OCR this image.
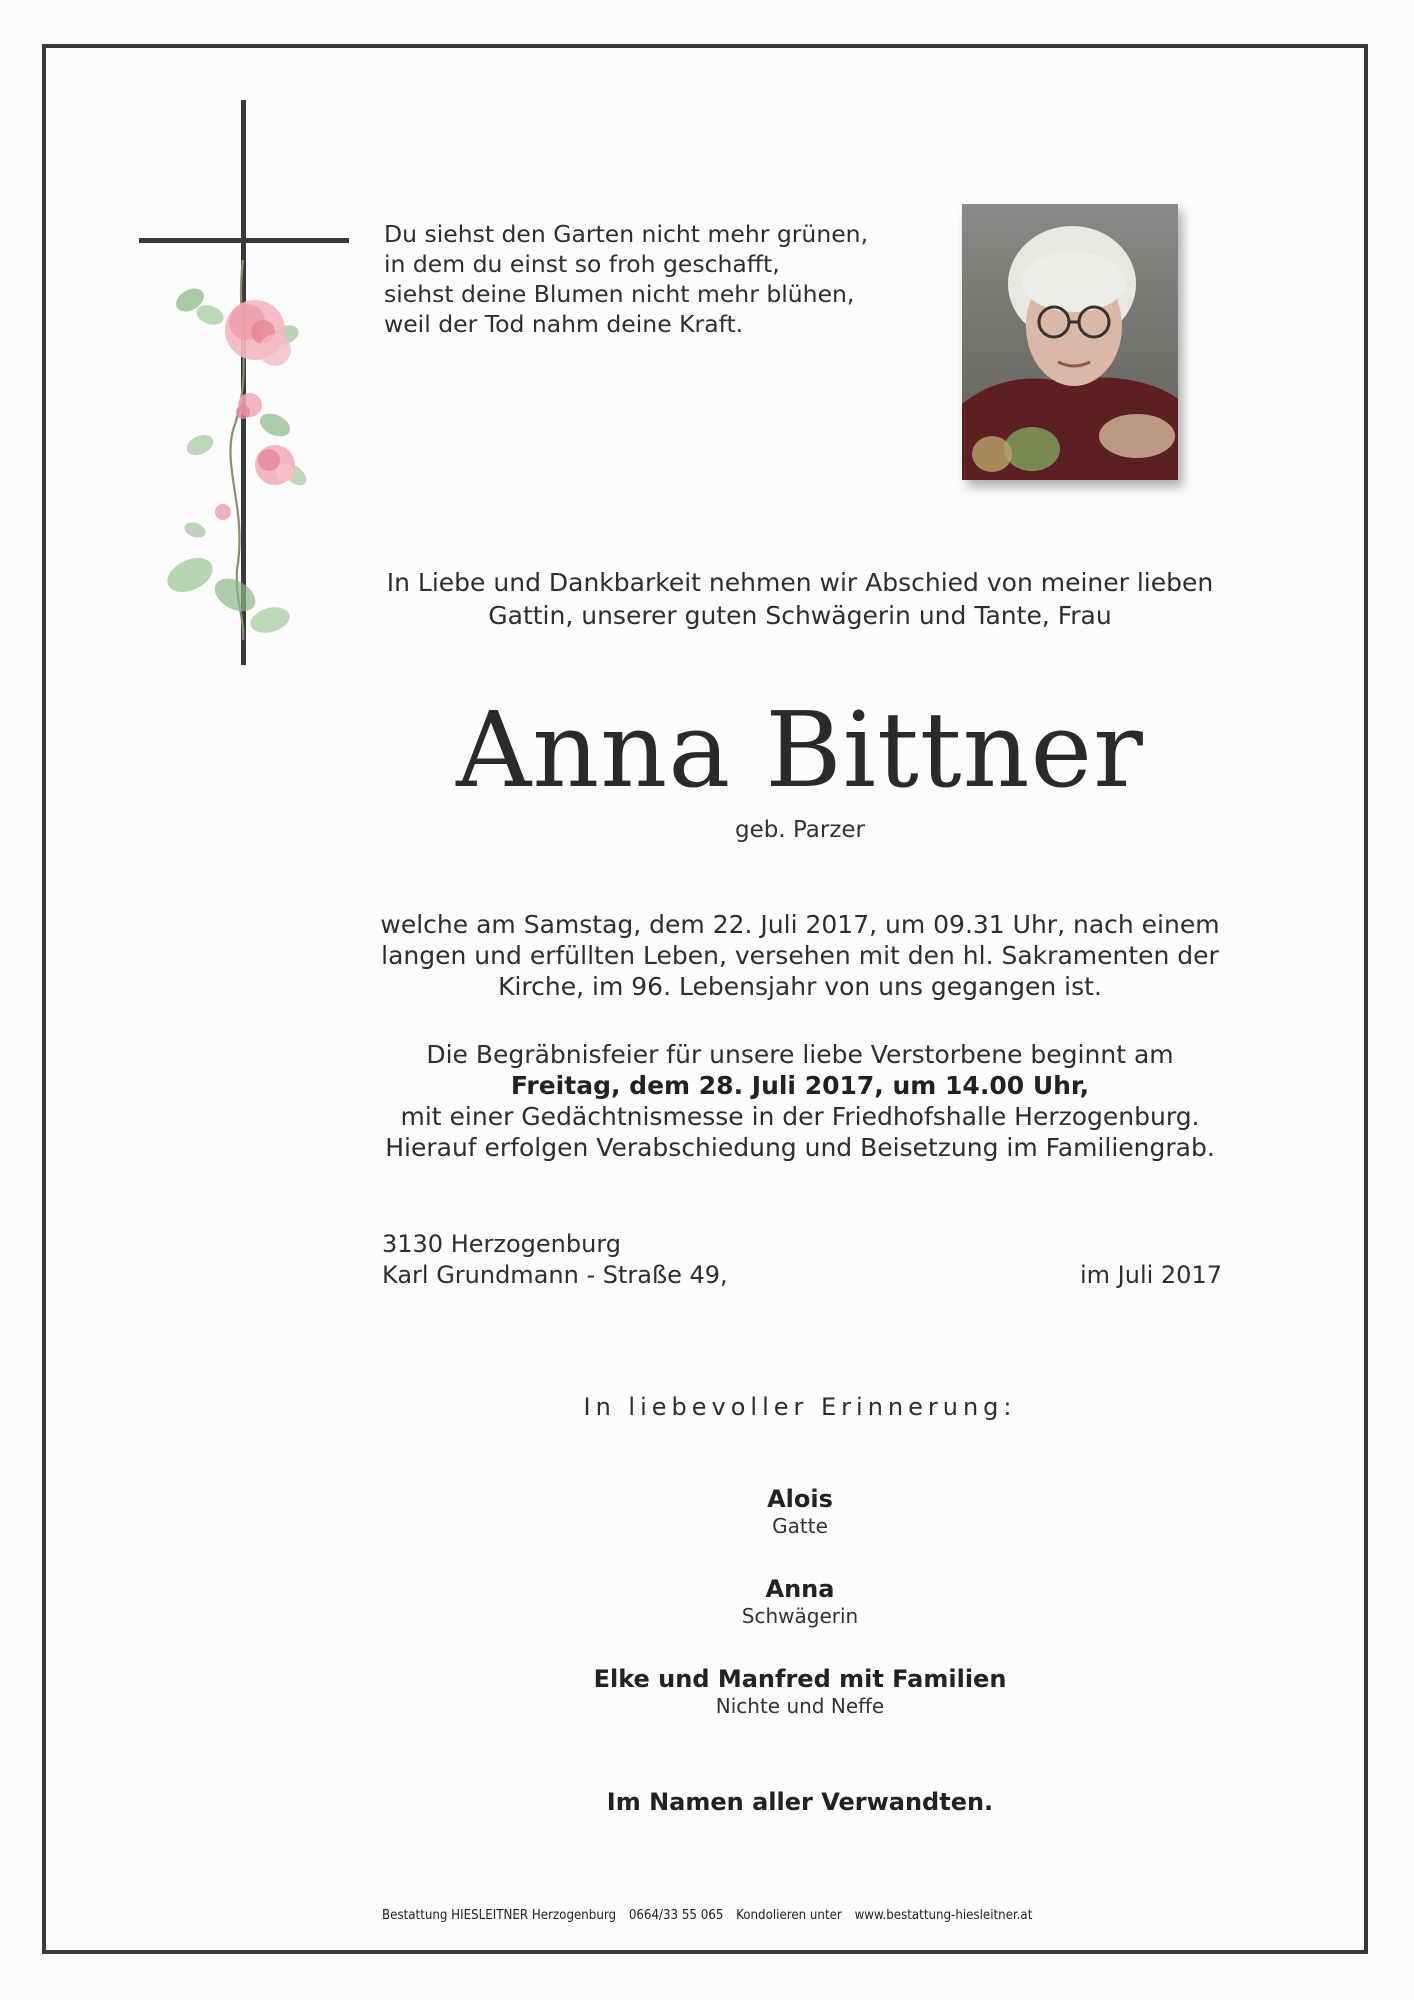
Du siehst den Garten nicht mehr grünen,
in dem du einst so froh geschafft,
siehst deine Blumen nicht mehr blühen,
weil der Tod nahm deine Kraft.
In Liebe und Dankbarkeit nehmen wir Abschied von meiner lieben
Gattin, unserer guten Schwägerin und Tante, Frau
Anna Bittner
geb. Parzer
welche am Samstag, dem 22. Juli 2017, um 09.31 Uhr, nach einem
langen und erfüllten Leben, versehen mit den hl. Sakramenten der
Kirche, im 96. Lebensjahr von uns gegangen ist.
Die Begräbnisfeier für unsere liebe Verstorbene beginnt am
Freitag, dem 28. Juli 2017, um 14.00 Uhr,
mit einer Gedächtnismesse in der Friedhofshalle Herzogenburg.
Hierauf erfolgen Verabschiedung und Beisetzung im Familiengrab.
3130 Herzogenburg
Karl Grundmann - Straße 49,	im Juli 2017
In liebevoller Erinnerung:
Alois
Gatte
Anna
Schwägerin
Elke und Manfred mit Familien
Nichte und Neffe
Im Namen aller Verwandten.
Bestattung HIESLEITNER Herzogenburg 0664/33 55 065 Kondolieren unter www.bestattung-hiesleitner.at
